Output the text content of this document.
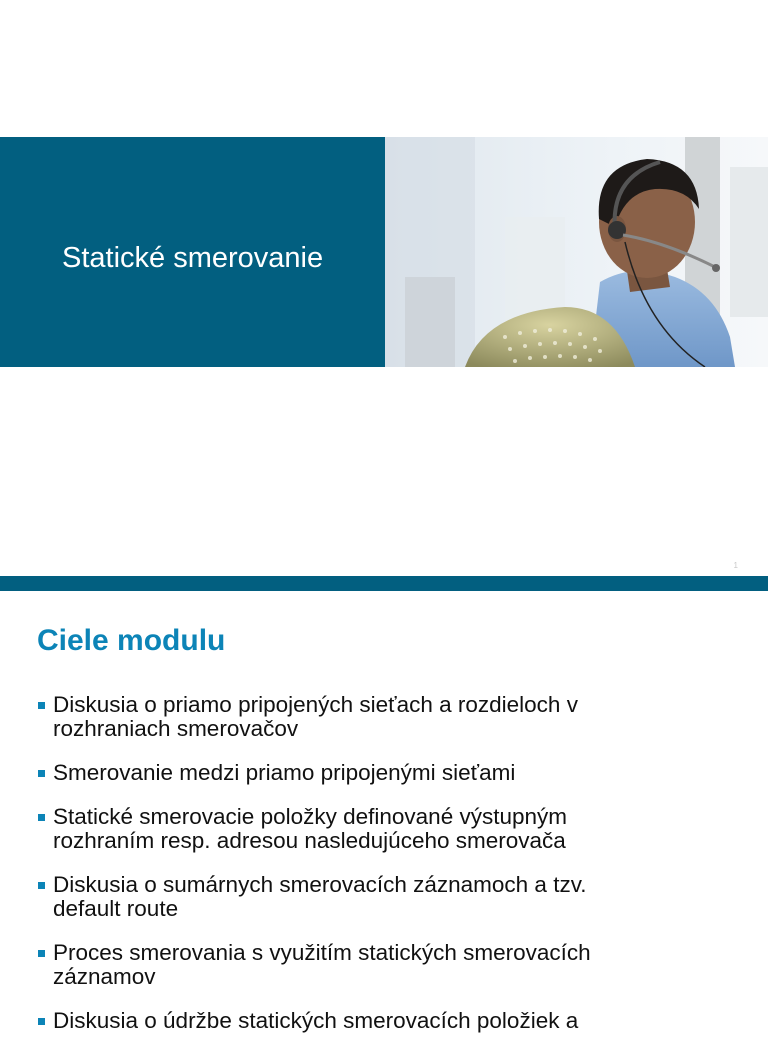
Statické smerovanie
1
Ciele modulu
Diskusia o priamo pripojených sieťach a rozdieloch v
rozhraniach smerovačov
Smerovanie medzi priamo pripojenými sieťami
Statické smerovacie položky definované výstupným
rozhraním resp. adresou nasledujúceho smerovača
Diskusia o sumárnych smerovacích záznamoch a tzv.
default route
Proces smerovania s využitím statických smerovacích
záznamov
Diskusia o údržbe statických smerovacích položiek a
